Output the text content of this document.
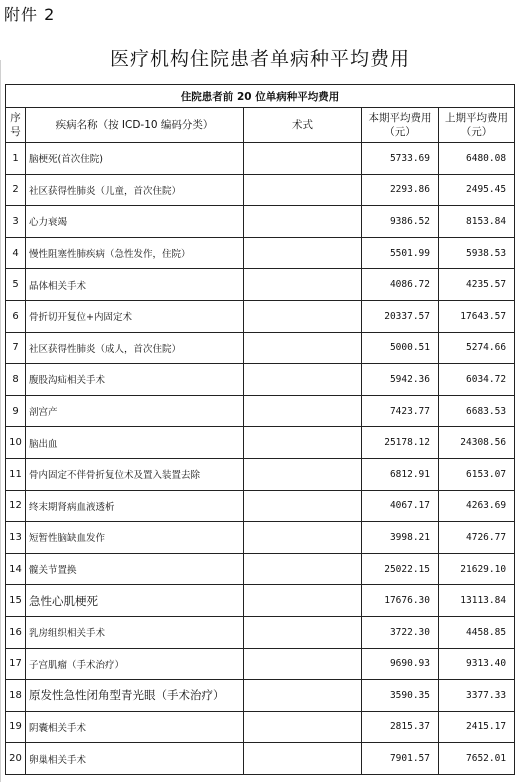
附件 2
医疗机构住院患者单病种平均费用
住院患者前 20 位单病种平均费用				
序号	疾病名称（按 ICD-10 编码分类）	术式	本期平均费用（元）	上期平均费用（元）
1	脑梗死(首次住院)		5733.69	6480.08
2	社区获得性肺炎（儿童，首次住院）		2293.86	2495.45
3	心力衰竭		9386.52	8153.84
4	慢性阻塞性肺疾病（急性发作，住院）		5501.99	5938.53
5	晶体相关手术		4086.72	4235.57
6	骨折切开复位+内固定术		20337.57	17643.57
7	社区获得性肺炎（成人，首次住院）		5000.51	5274.66
8	腹股沟疝相关手术		5942.36	6034.72
9	剖宫产		7423.77	6683.53
10	脑出血		25178.12	24308.56
11	骨内固定不伴骨折复位术及置入装置去除		6812.91	6153.07
12	终末期肾病血液透析		4067.17	4263.69
13	短暂性脑缺血发作		3998.21	4726.77
14	髋关节置换		25022.15	21629.10
15	急性心肌梗死		17676.30	13113.84
16	乳房组织相关手术		3722.30	4458.85
17	子宫肌瘤（手术治疗）		9690.93	9313.40
18	原发性急性闭角型青光眼（手术治疗）		3590.35	3377.33
19	阴囊相关手术		2815.37	2415.17
20	卵巢相关手术		7901.57	7652.01
